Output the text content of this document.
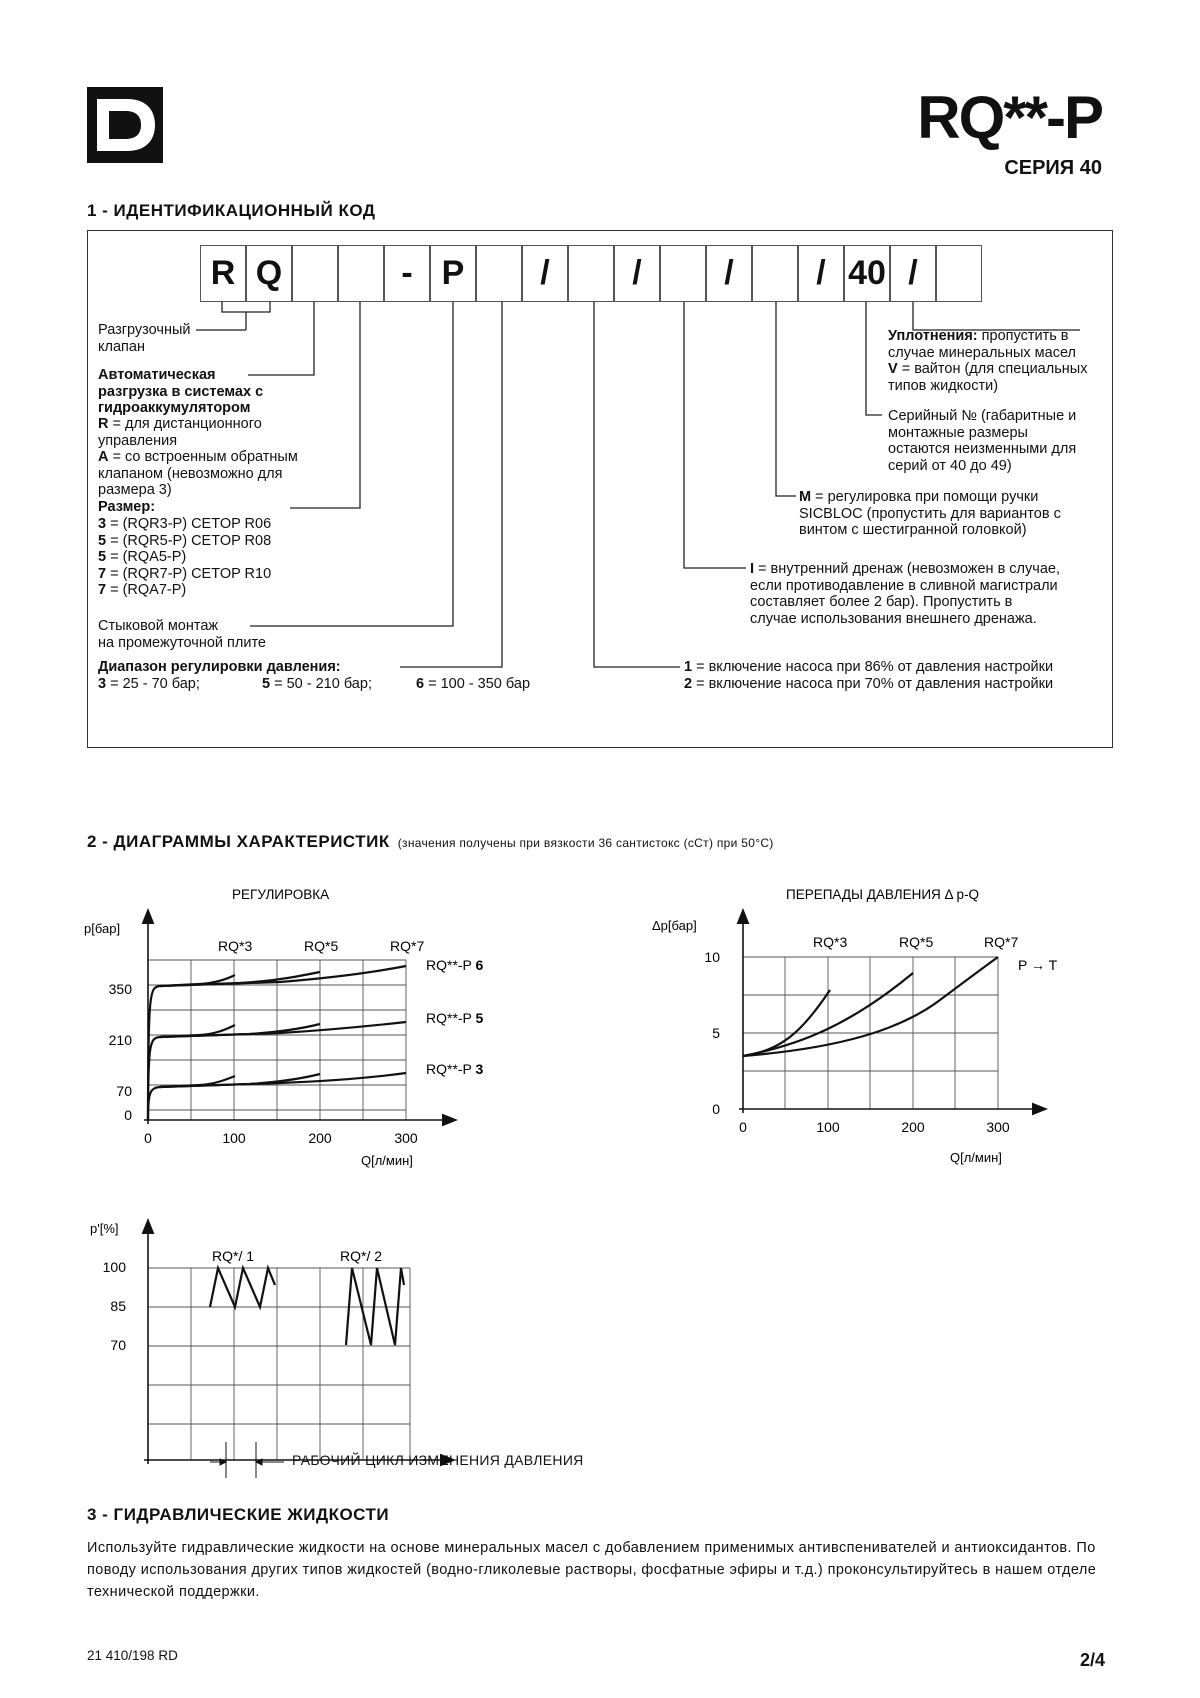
RQ**-P
СЕРИЯ 40
1 - ИДЕНТИФИКАЦИОННЫЙ КОД
R Q	- P	/	/	/	/ 40 /
Разгрузочный
клапан
Автоматическая
разгрузка в системах с
гидроаккумулятором
R = для дистанционного
управления
A = со встроенным обратным
клапаном (невозможно для
размера 3)
Размер:
3 = (RQR3-P) CETOP R06
5 = (RQR5-P) CETOP R08
5 = (RQA5-P)
7 = (RQR7-P) CETOP R10
7 = (RQA7-P)
Стыковой монтаж
на промежуточной плите
Диапазон регулировки давления:
3 = 25 - 70 бар;	5 = 50 - 210 бар;	6 = 100 - 350 бар
Уплотнения: пропустить в
случае минеральных масел
V = вайтон (для специальных
типов жидкости)
Серийный № (габаритные и
монтажные размеры
остаются неизменными для
серий от 40 до 49)
M = регулировка при помощи ручки
SICBLOC (пропустить для вариантов с
винтом с шестигранной головкой)
I = внутренний дренаж (невозможен в случае,
если противодавление в сливной магистрали
составляет более 2 бар). Пропустить в
случае использования внешнего дренажа.
1 = включение насоса при 86% от давления настройки
2 = включение насоса при 70% от давления настройки
2 - ДИАГРАММЫ ХАРАКТЕРИСТИК (значения получены при вязкости 36 сантистокс (сСт) при 50°C)
РЕГУЛИРОВКА
p[бар]
Q[л/мин]
350
210
70
0
0	100	200	300
RQ*3	RQ*5	RQ*7
RQ**-P 6
RQ**-P 5
RQ**-P 3
ПЕРЕПАДЫ ДАВЛЕНИЯ Δ p-Q
Δp[бар]
Q[л/мин]
10
5
0
0	100	200	300
RQ*3	RQ*5	RQ*7
P → T
p'[%]
100
85
70
RQ*/ 1	RQ*/ 2
РАБОЧИЙ ЦИКЛ ИЗМЕНЕНИЯ ДАВЛЕНИЯ
3 - ГИДРАВЛИЧЕСКИЕ ЖИДКОСТИ
Используйте гидравлические жидкости на основе минеральных масел с добавлением применимых антивспенивателей и антиоксидантов. По поводу использования других типов жидкостей (водно-гликолевые растворы, фосфатные эфиры и т.д.) проконсультируйтесь в нашем отделе технической поддержки.
21 410/198 RD	2/4
